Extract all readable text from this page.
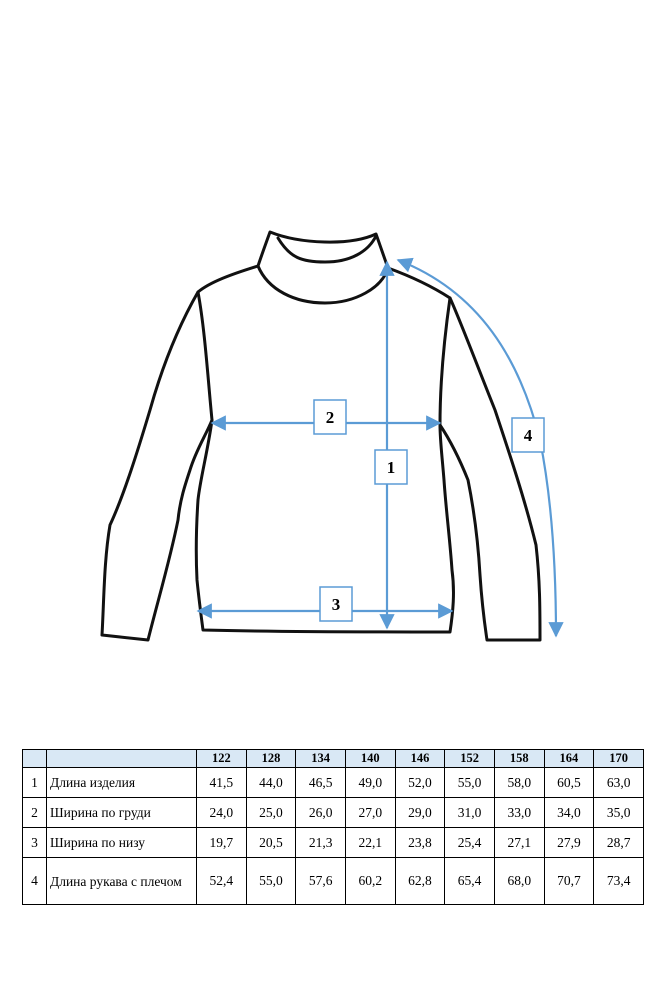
2
1
3
4
		122	128	134	140	146	152	158	164	170
1	Длина изделия	41,5	44,0	46,5	49,0	52,0	55,0	58,0	60,5	63,0
2	Ширина по груди	24,0	25,0	26,0	27,0	29,0	31,0	33,0	34,0	35,0
3	Ширина по низу	19,7	20,5	21,3	22,1	23,8	25,4	27,1	27,9	28,7
4	Длина рукава с плечом	52,4	55,0	57,6	60,2	62,8	65,4	68,0	70,7	73,4
